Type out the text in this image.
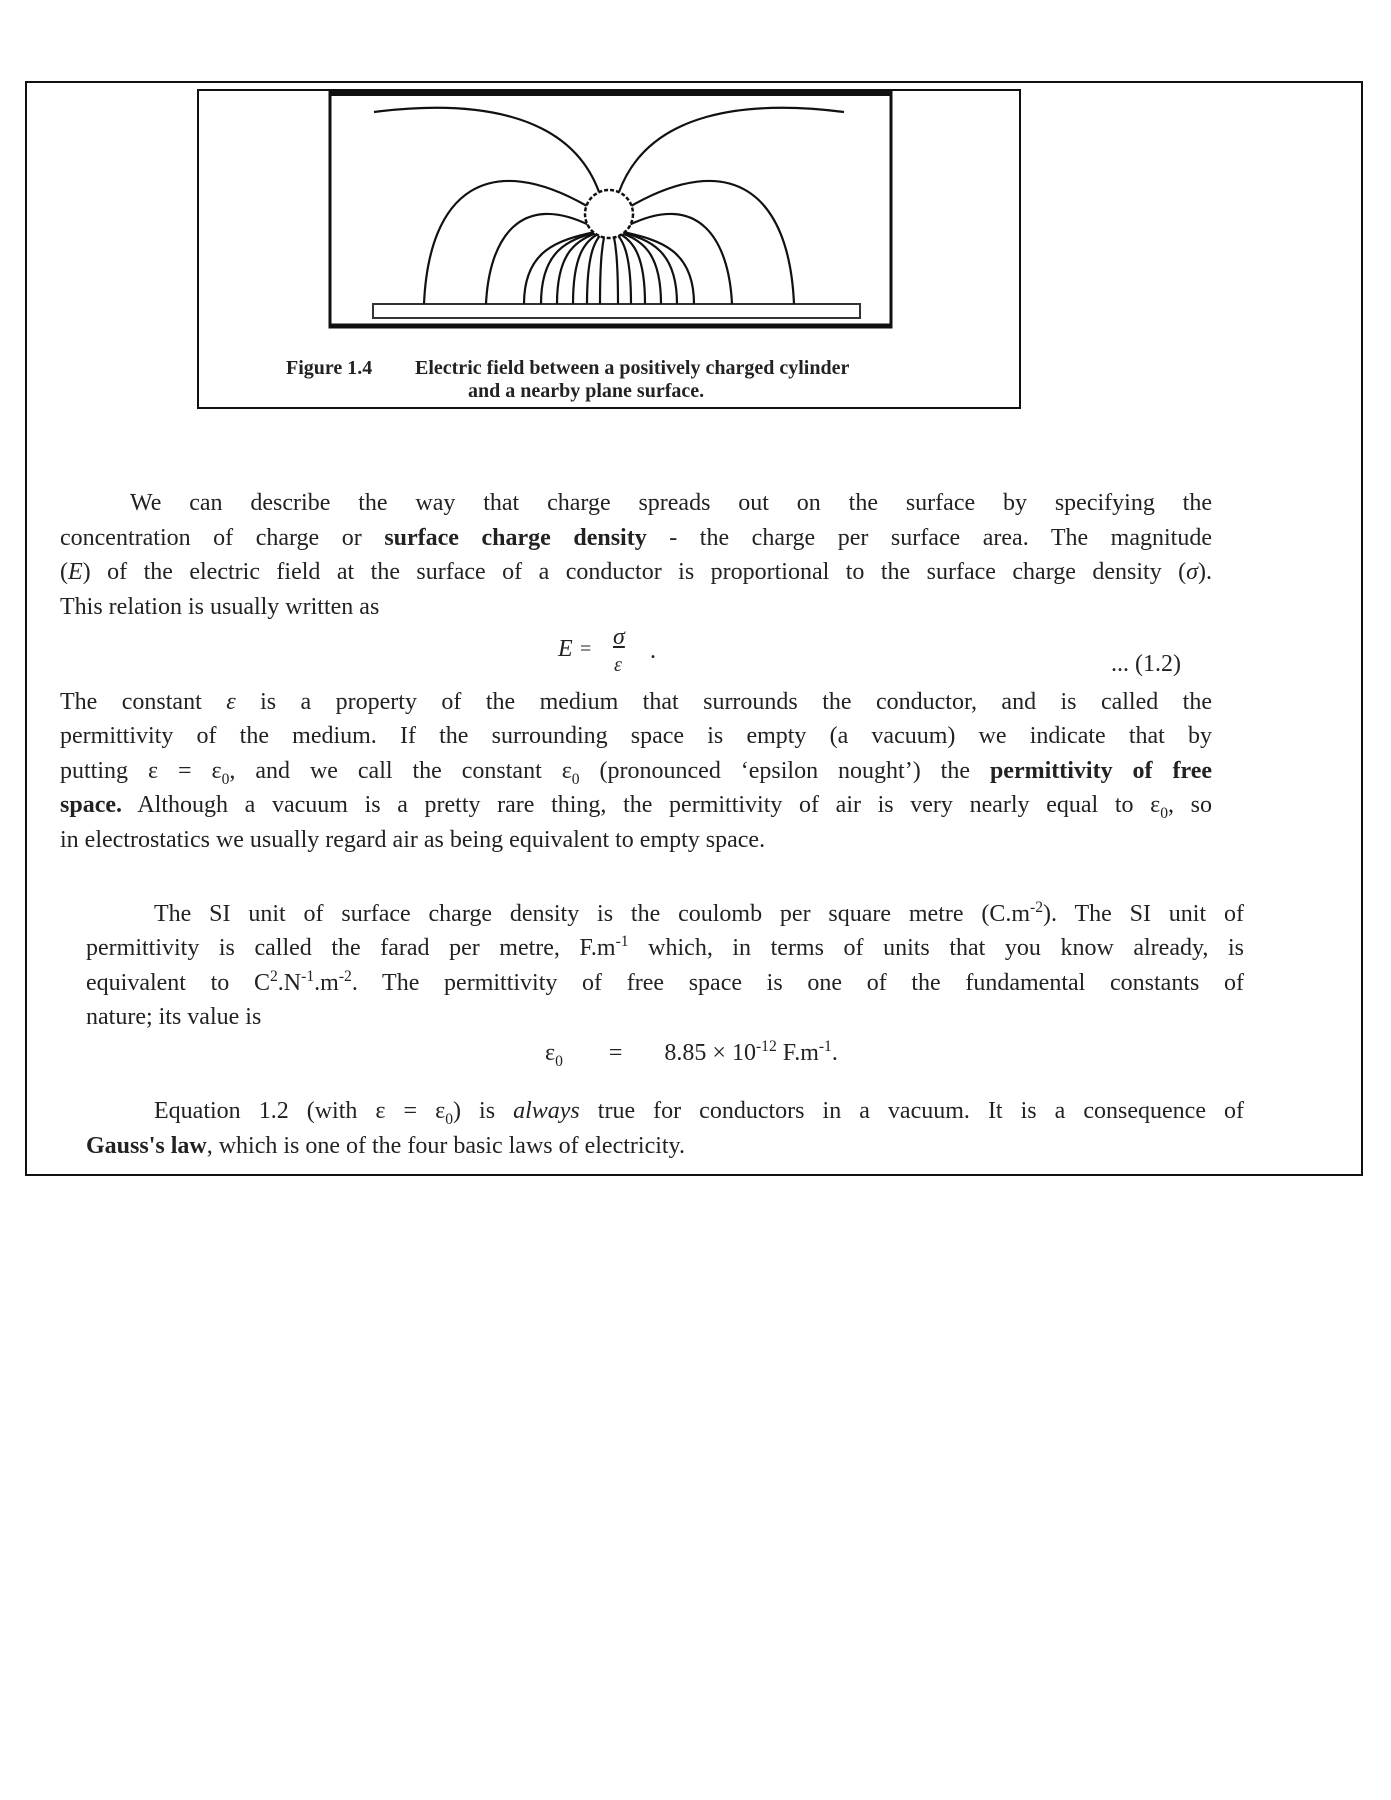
Figure 1.4 Electric field between a positively charged cylinder
and a nearby plane surface.
We can describe the way that charge spreads out on the surface by specifying the
concentration of charge or surface charge density - the charge per surface area. The magnitude
(E) of the electric field at the surface of a conductor is proportional to the surface charge density (σ).
This relation is usually written as
E = σ
ε
.	... (1.2)
The constant ε is a property of the medium that surrounds the conductor, and is called the
permittivity of the medium. If the surrounding space is empty (a vacuum) we indicate that by
putting $\varepsilon = \varepsilon_0$, and we call the constant $\varepsilon_0$ (pronounced ‘epsilon nought’) the permittivity of free
space. Although a vacuum is a pretty rare thing, the permittivity of air is very nearly equal to $\varepsilon_0$, so
in electrostatics we usually regard air as being equivalent to empty space.
The SI unit of surface charge density is the coulomb per square metre $(C.m^{-2})$. The SI unit of
permittivity is called the farad per metre, $F.m^{-1}$ which, in terms of units that you know already, is
equivalent to $C^2.N^{-1}.m^{-2}$. The permittivity of free space is one of the fundamental constants of
nature; its value is
$\varepsilon_0 = 8.85 \times 10^{-12}$ $F.m^{-1}$.
Equation 1.2 (with $\varepsilon = \varepsilon_0$) is always true for conductors in a vacuum. It is a consequence of
Gauss's law, which is one of the four basic laws of electricity.
